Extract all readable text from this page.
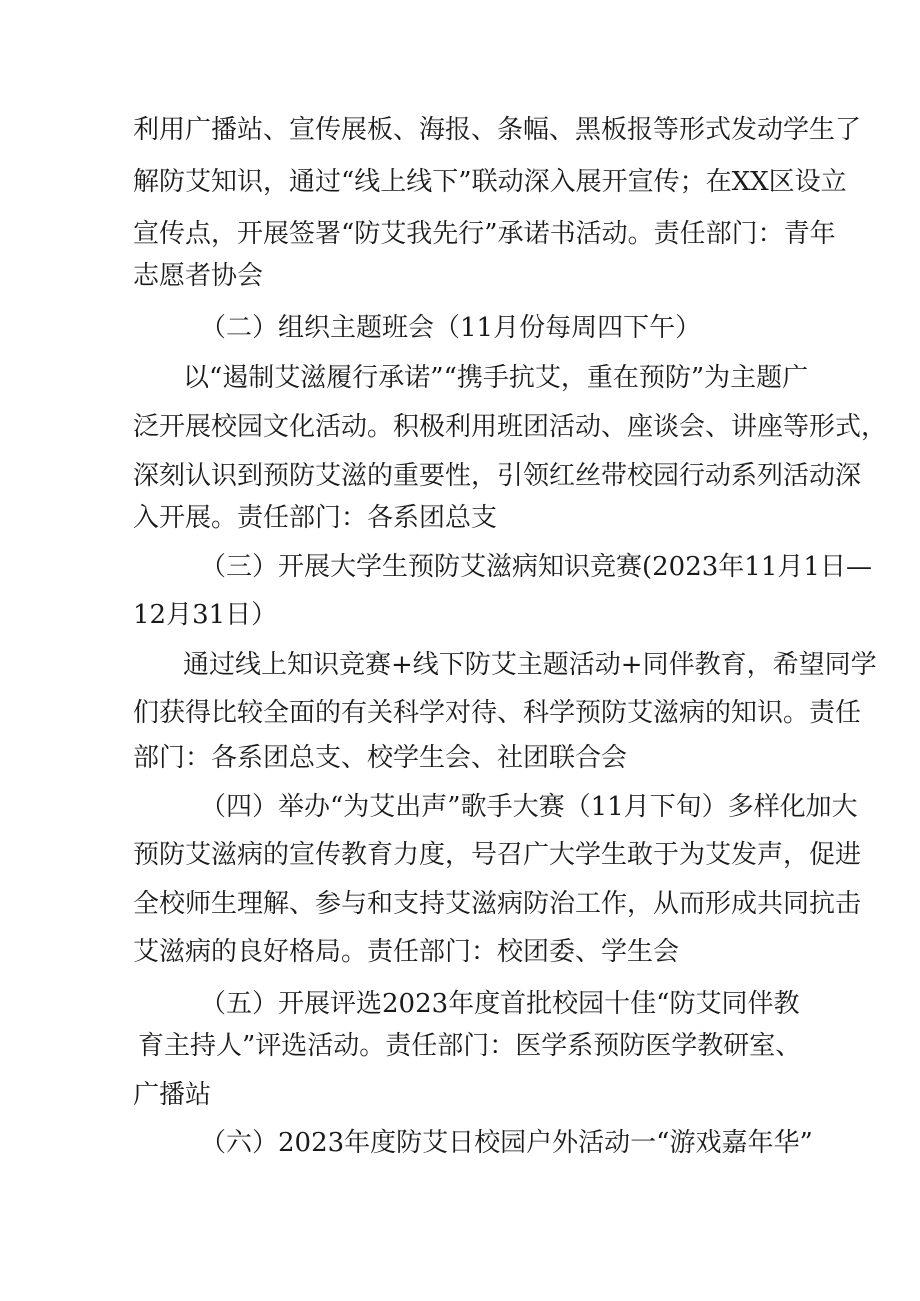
利用广播站、宣传展板、海报、条幅、黑板报等形式发动学生了
解防艾知识，通过“线上线下”联动深入展开宣传；在XX区设立
宣传点，开展签署“防艾我先行”承诺书活动。责任部门：青年
志愿者协会
（二）组织主题班会（11月份每周四下午）
以“遏制艾滋履行承诺”“携手抗艾，重在预防”为主题广
泛开展校园文化活动。积极利用班团活动、座谈会、讲座等形式，
深刻认识到预防艾滋的重要性，引领红丝带校园行动系列活动深
入开展。责任部门：各系团总支
（三）开展大学生预防艾滋病知识竞赛(2023年11月1日—
12月31日）
通过线上知识竞赛+线下防艾主题活动+同伴教育，希望同学
们获得比较全面的有关科学对待、科学预防艾滋病的知识。责任
部门：各系团总支、校学生会、社团联合会
（四）举办“为艾出声”歌手大赛（11月下旬）多样化加大
预防艾滋病的宣传教育力度，号召广大学生敢于为艾发声，促进
全校师生理解、参与和支持艾滋病防治工作，从而形成共同抗击
艾滋病的良好格局。责任部门：校团委、学生会
（五）开展评选2023年度首批校园十佳“防艾同伴教
育主持人”评选活动。责任部门：医学系预防医学教研室、
广播站
（六）2023年度防艾日校园户外活动一“游戏嘉年华”
